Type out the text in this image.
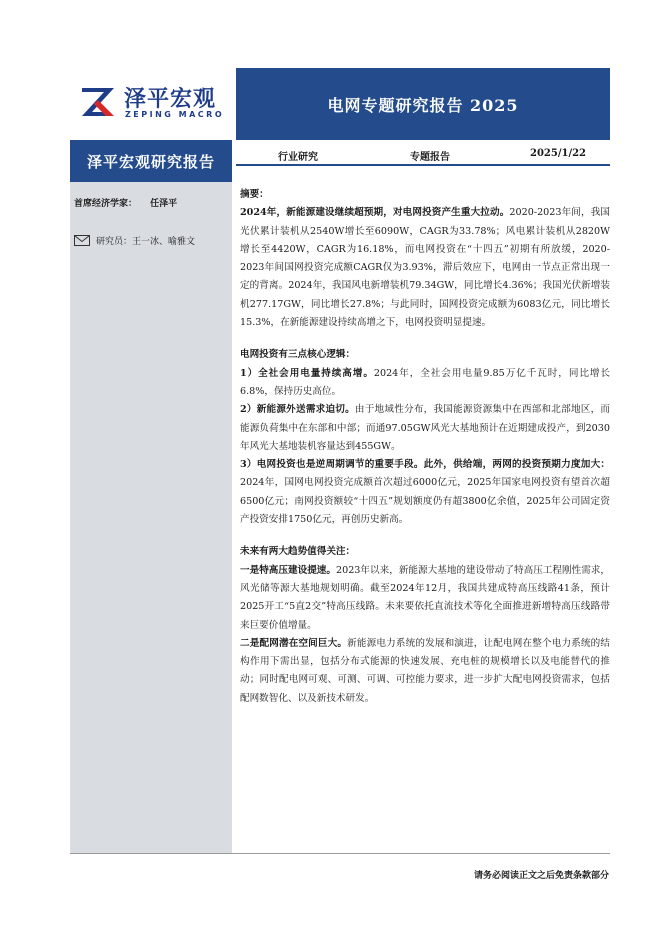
泽平宏观
ZEPING MACRO	电网专题研究报告 2025
泽平宏观研究报告	行业研究	专题报告	2025/1/22
首席经济学家： 任泽平
研究员：王一冰、喻雅文

摘要：

2024年，新能源建设继续超预期，对电网投资产生重大拉动。2020-2023年间，我国光伏累计装机从2540W增长至6090W，CAGR为33.78%；风电累计装机从2820W增长至4420W，CAGR为16.18%，而电网投资在“十四五”初期有所放缓，2020-2023年间国网投资完成额CAGR仅为3.93%，滞后效应下，电网由一节点正常出现一定的背离。2024年，我国风电新增装机79.34GW，同比增长4.36%；我国光伏新增装机277.17GW，同比增长27.8%；与此同时，国网投资完成额为6083亿元，同比增长15.3%，在新能源建设持续高增之下，电网投资明显提速。

电网投资有三点核心逻辑：

1）全社会用电量持续高增。2024年，全社会用电量9.85万亿千瓦时，同比增长6.8%，保持历史高位。

2）新能源外送需求迫切。由于地域性分布，我国能源资源集中在西部和北部地区，而能源负荷集中在东部和中部；而通97.05GW风光大基地预计在近期建成投产，到2030年风光大基地装机容量达到455GW。

3）电网投资也是逆周期调节的重要手段。此外，供给端，两网的投资预期力度加大：2024年，国网电网投资完成额首次超过6000亿元，2025年国家电网投资有望首次超6500亿元；南网投资额较“十四五”规划额度仍有超3800亿余值，2025年公司固定资产投资安排1750亿元，再创历史新高。

未来有两大趋势值得关注：

一是特高压建设提速。2023年以来，新能源大基地的建设带动了特高压工程刚性需求，风光储等源大基地规划明确。截至2024年12月，我国共建成特高压线路41条，预计2025开工“5直2交”特高压线路。未来要依托直流技术等化全面推进新增特高压线路带来巨要价值增量。

二是配网潜在空间巨大。新能源电力系统的发展和演进，让配电网在整个电力系统的结构作用下需出显，包括分布式能源的快速发展、充电桩的规模增长以及电能替代的推动；同时配电网可观、可测、可调、可控能力要求，进一步扩大配电网投资需求，包括配网数智化、以及新技术研发。

请务必阅读正文之后免责条款部分
